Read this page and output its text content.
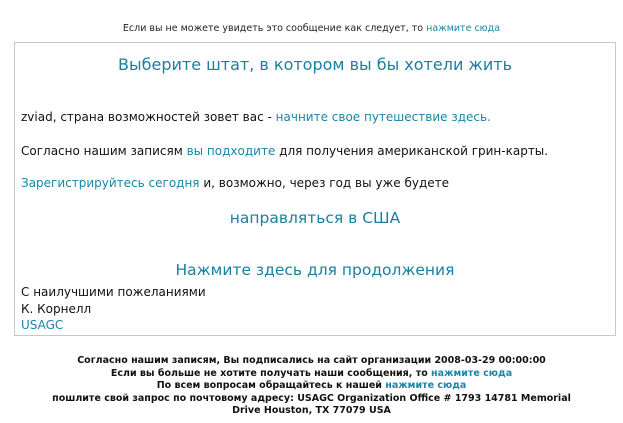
Если вы не можете увидеть это сообщение как следует, то нажмите сюда
Выберите штат, в котором вы бы хотели жить
zviad, страна возможностей зовет вас - начните свое путешествие здесь.
Согласно нашим записям вы подходите для получения американской грин-карты.
Зарегистрируйтесь сегодня и, возможно, через год вы уже будете
направляться в США
Нажмите здесь для продолжения
С наилучшими пожеланиями
К. Корнелл
USAGC
Согласно нашим записям, Вы подписались на сайт организации 2008-03-29 00:00:00
Если вы больше не хотите получать наши сообщения, то нажмите сюда
По всем вопросам обращайтесь к нашей нажмите сюда
пошлите свой запрос по почтовому адресу: USAGC Organization Office # 1793 14781 Memorial
Drive Houston, TX 77079 USA
